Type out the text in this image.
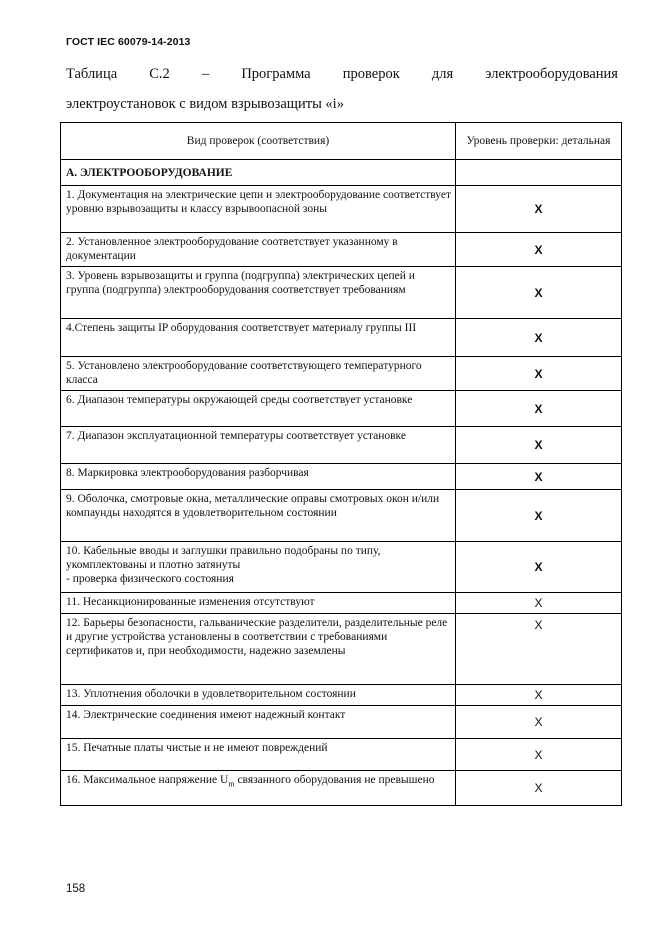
ГОСТ IEC 60079-14-2013
Таблица С.2 – Программа проверок для электрооборудования
электроустановок с видом взрывозащиты «i»
Вид проверок (соответствия)	Уровень проверки: детальная
А. ЭЛЕКТРООБОРУДОВАНИЕ	
1. Документация на электрические цепи и электрооборудование соответствует уровню взрывозащиты и классу взрывоопасной зоны	X
2. Установленное электрооборудование соответствует указанному в документации	X
3. Уровень взрывозащиты и группа (подгруппа) электрических цепей и группа (подгруппа) электрооборудования соответствует требованиям	X
4.Степень защиты IP оборудования соответствует материалу группы III	X
5. Установлено электрооборудование соответствующего температурного класса	X
6. Диапазон температуры окружающей среды соответствует установке	X
7. Диапазон эксплуатационной температуры соответствует установке	X
8. Маркировка электрооборудования разборчивая	X
9. Оболочка, смотровые окна, металлические оправы смотровых окон и/или компаунды находятся в удовлетворительном состоянии	X
10. Кабельные вводы и заглушки правильно подобраны по типу, укомплектованы и плотно затянуты
- проверка физического состояния	X
11. Несанкционированные изменения отсутствуют	X
12. Барьеры безопасности, гальванические разделители, разделительные реле и другие устройства установлены в соответствии с требованиями сертификатов и, при необходимости, надежно заземлены	X
13. Уплотнения оболочки в удовлетворительном состоянии	X
14. Электрические соединения имеют надежный контакт	X
15. Печатные платы чистые и не имеют повреждений	X
16. Максимальное напряжение $U_m$ связанного оборудования не превышено	X
158
